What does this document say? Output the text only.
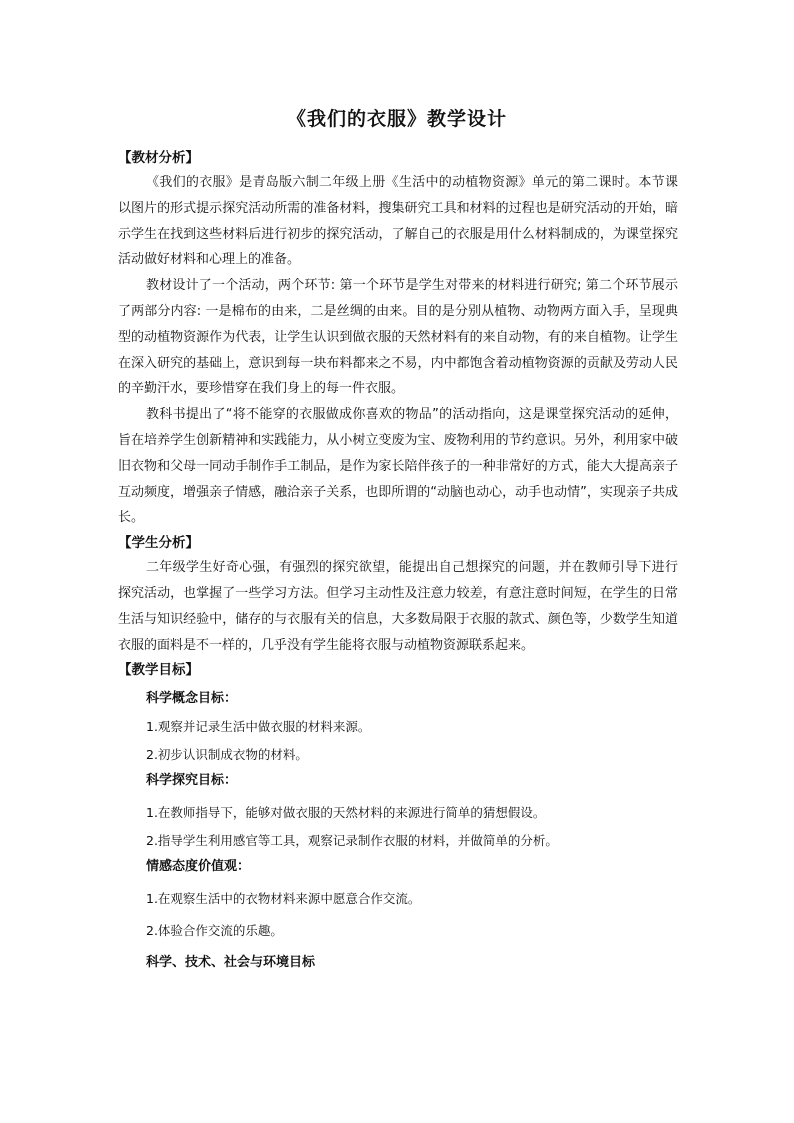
《我们的衣服》教学设计
【教材分析】

《我们的衣服》是青岛版六制二年级上册《生活中的动植物资源》单元的第二课时。本节课以图片的形式提示探究活动所需的准备材料，搜集研究工具和材料的过程也是研究活动的开始，暗示学生在找到这些材料后进行初步的探究活动，了解自己的衣服是用什么材料制成的，为课堂探究活动做好材料和心理上的准备。

教材设计了一个活动，两个环节: 第一个环节是学生对带来的材料进行研究; 第二个环节展示了两部分内容: 一是棉布的由来，二是丝绸的由来。目的是分别从植物、动物两方面入手，呈现典型的动植物资源作为代表，让学生认识到做衣服的天然材料有的来自动物，有的来自植物。让学生在深入研究的基础上，意识到每一块布料都来之不易，内中都饱含着动植物资源的贡献及劳动人民的辛勤汗水，要珍惜穿在我们身上的每一件衣服。

教科书提出了“将不能穿的衣服做成你喜欢的物品”的活动指向，这是课堂探究活动的延伸，旨在培养学生创新精神和实践能力，从小树立变废为宝、废物利用的节约意识。另外，利用家中破旧衣物和父母一同动手制作手工制品，是作为家长陪伴孩子的一种非常好的方式，能大大提高亲子互动频度，增强亲子情感，融洽亲子关系，也即所谓的“动脑也动心，动手也动情”，实现亲子共成长。

【学生分析】

二年级学生好奇心强，有强烈的探究欲望，能提出自己想探究的问题，并在教师引导下进行探究活动，也掌握了一些学习方法。但学习主动性及注意力较差，有意注意时间短，在学生的日常生活与知识经验中，储存的与衣服有关的信息，大多数局限于衣服的款式、颜色等，少数学生知道衣服的面料是不一样的，几乎没有学生能将衣服与动植物资源联系起来。

【教学目标】
科学概念目标：
1.观察并记录生活中做衣服的材料来源。
2.初步认识制成衣物的材料。
科学探究目标：
1.在教师指导下，能够对做衣服的天然材料的来源进行简单的猜想假设。
2.指导学生利用感官等工具，观察记录制作衣服的材料，并做简单的分析。
情感态度价值观：
1.在观察生活中的衣物材料来源中愿意合作交流。
2.体验合作交流的乐趣。
科学、技术、社会与环境目标
